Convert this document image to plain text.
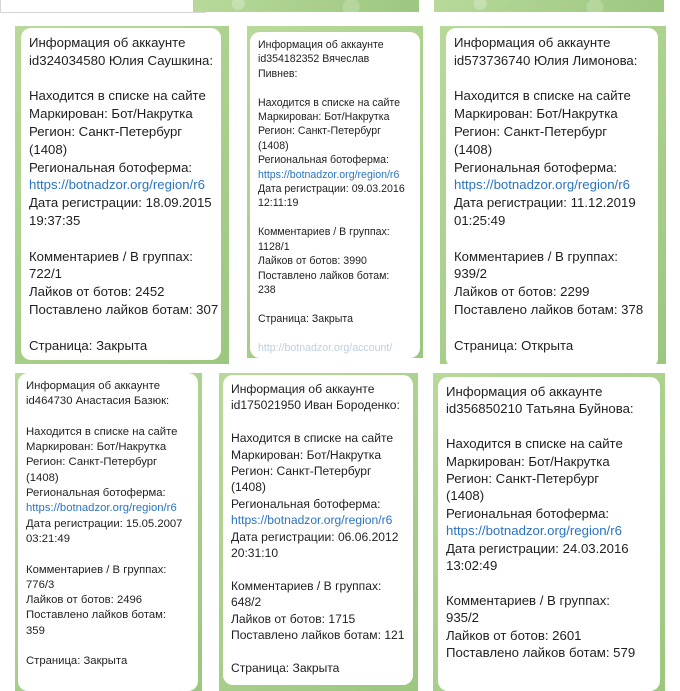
Информация об аккаунте
id324034580 Юлия Саушкина:

Находится в списке на сайте
Маркирован: Бот/Накрутка
Регион: Санкт-Петербург
(1408)
Региональная ботоферма:
https://botnadzor.org/region/r6
Дата регистрации: 18.09.2015
19:37:35

Комментариев / В группах:
722/1
Лайков от ботов: 2452
Поставлено лайков ботам: 307

Страница: Закрыта
Информация об аккаунте
id354182352 Вячеслав
Пивнев:

Находится в списке на сайте
Маркирован: Бот/Накрутка
Регион: Санкт-Петербург
(1408)
Региональная ботоферма:
https://botnadzor.org/region/r6
Дата регистрации: 09.03.2016
12:11:19

Комментариев / В группах:
1128/1
Лайков от ботов: 3990
Поставлено лайков ботам:
238

Страница: Закрыта

http://botnadzor.org/account/
Информация об аккаунте
id573736740 Юлия Лимонова:

Находится в списке на сайте
Маркирован: Бот/Накрутка
Регион: Санкт-Петербург
(1408)
Региональная ботоферма:
https://botnadzor.org/region/r6
Дата регистрации: 11.12.2019
01:25:49

Комментариев / В группах:
939/2
Лайков от ботов: 2299
Поставлено лайков ботам: 378

Страница: Открыта
Информация об аккаунте
id464730 Анастасия Базюк:

Находится в списке на сайте
Маркирован: Бот/Накрутка
Регион: Санкт-Петербург
(1408)
Региональная ботоферма:
https://botnadzor.org/region/r6
Дата регистрации: 15.05.2007
03:21:49

Комментариев / В группах:
776/3
Лайков от ботов: 2496
Поставлено лайков ботам:
359

Страница: Закрыта
Информация об аккаунте
id175021950 Иван Бороденко:

Находится в списке на сайте
Маркирован: Бот/Накрутка
Регион: Санкт-Петербург
(1408)
Региональная ботоферма:
https://botnadzor.org/region/r6
Дата регистрации: 06.06.2012
20:31:10

Комментариев / В группах:
648/2
Лайков от ботов: 1715
Поставлено лайков ботам: 121

Страница: Закрыта
Информация об аккаунте
id356850210 Татьяна Буйнова:

Находится в списке на сайте
Маркирован: Бот/Накрутка
Регион: Санкт-Петербург
(1408)
Региональная ботоферма:
https://botnadzor.org/region/r6
Дата регистрации: 24.03.2016
13:02:49

Комментариев / В группах:
935/2
Лайков от ботов: 2601
Поставлено лайков ботам: 579
